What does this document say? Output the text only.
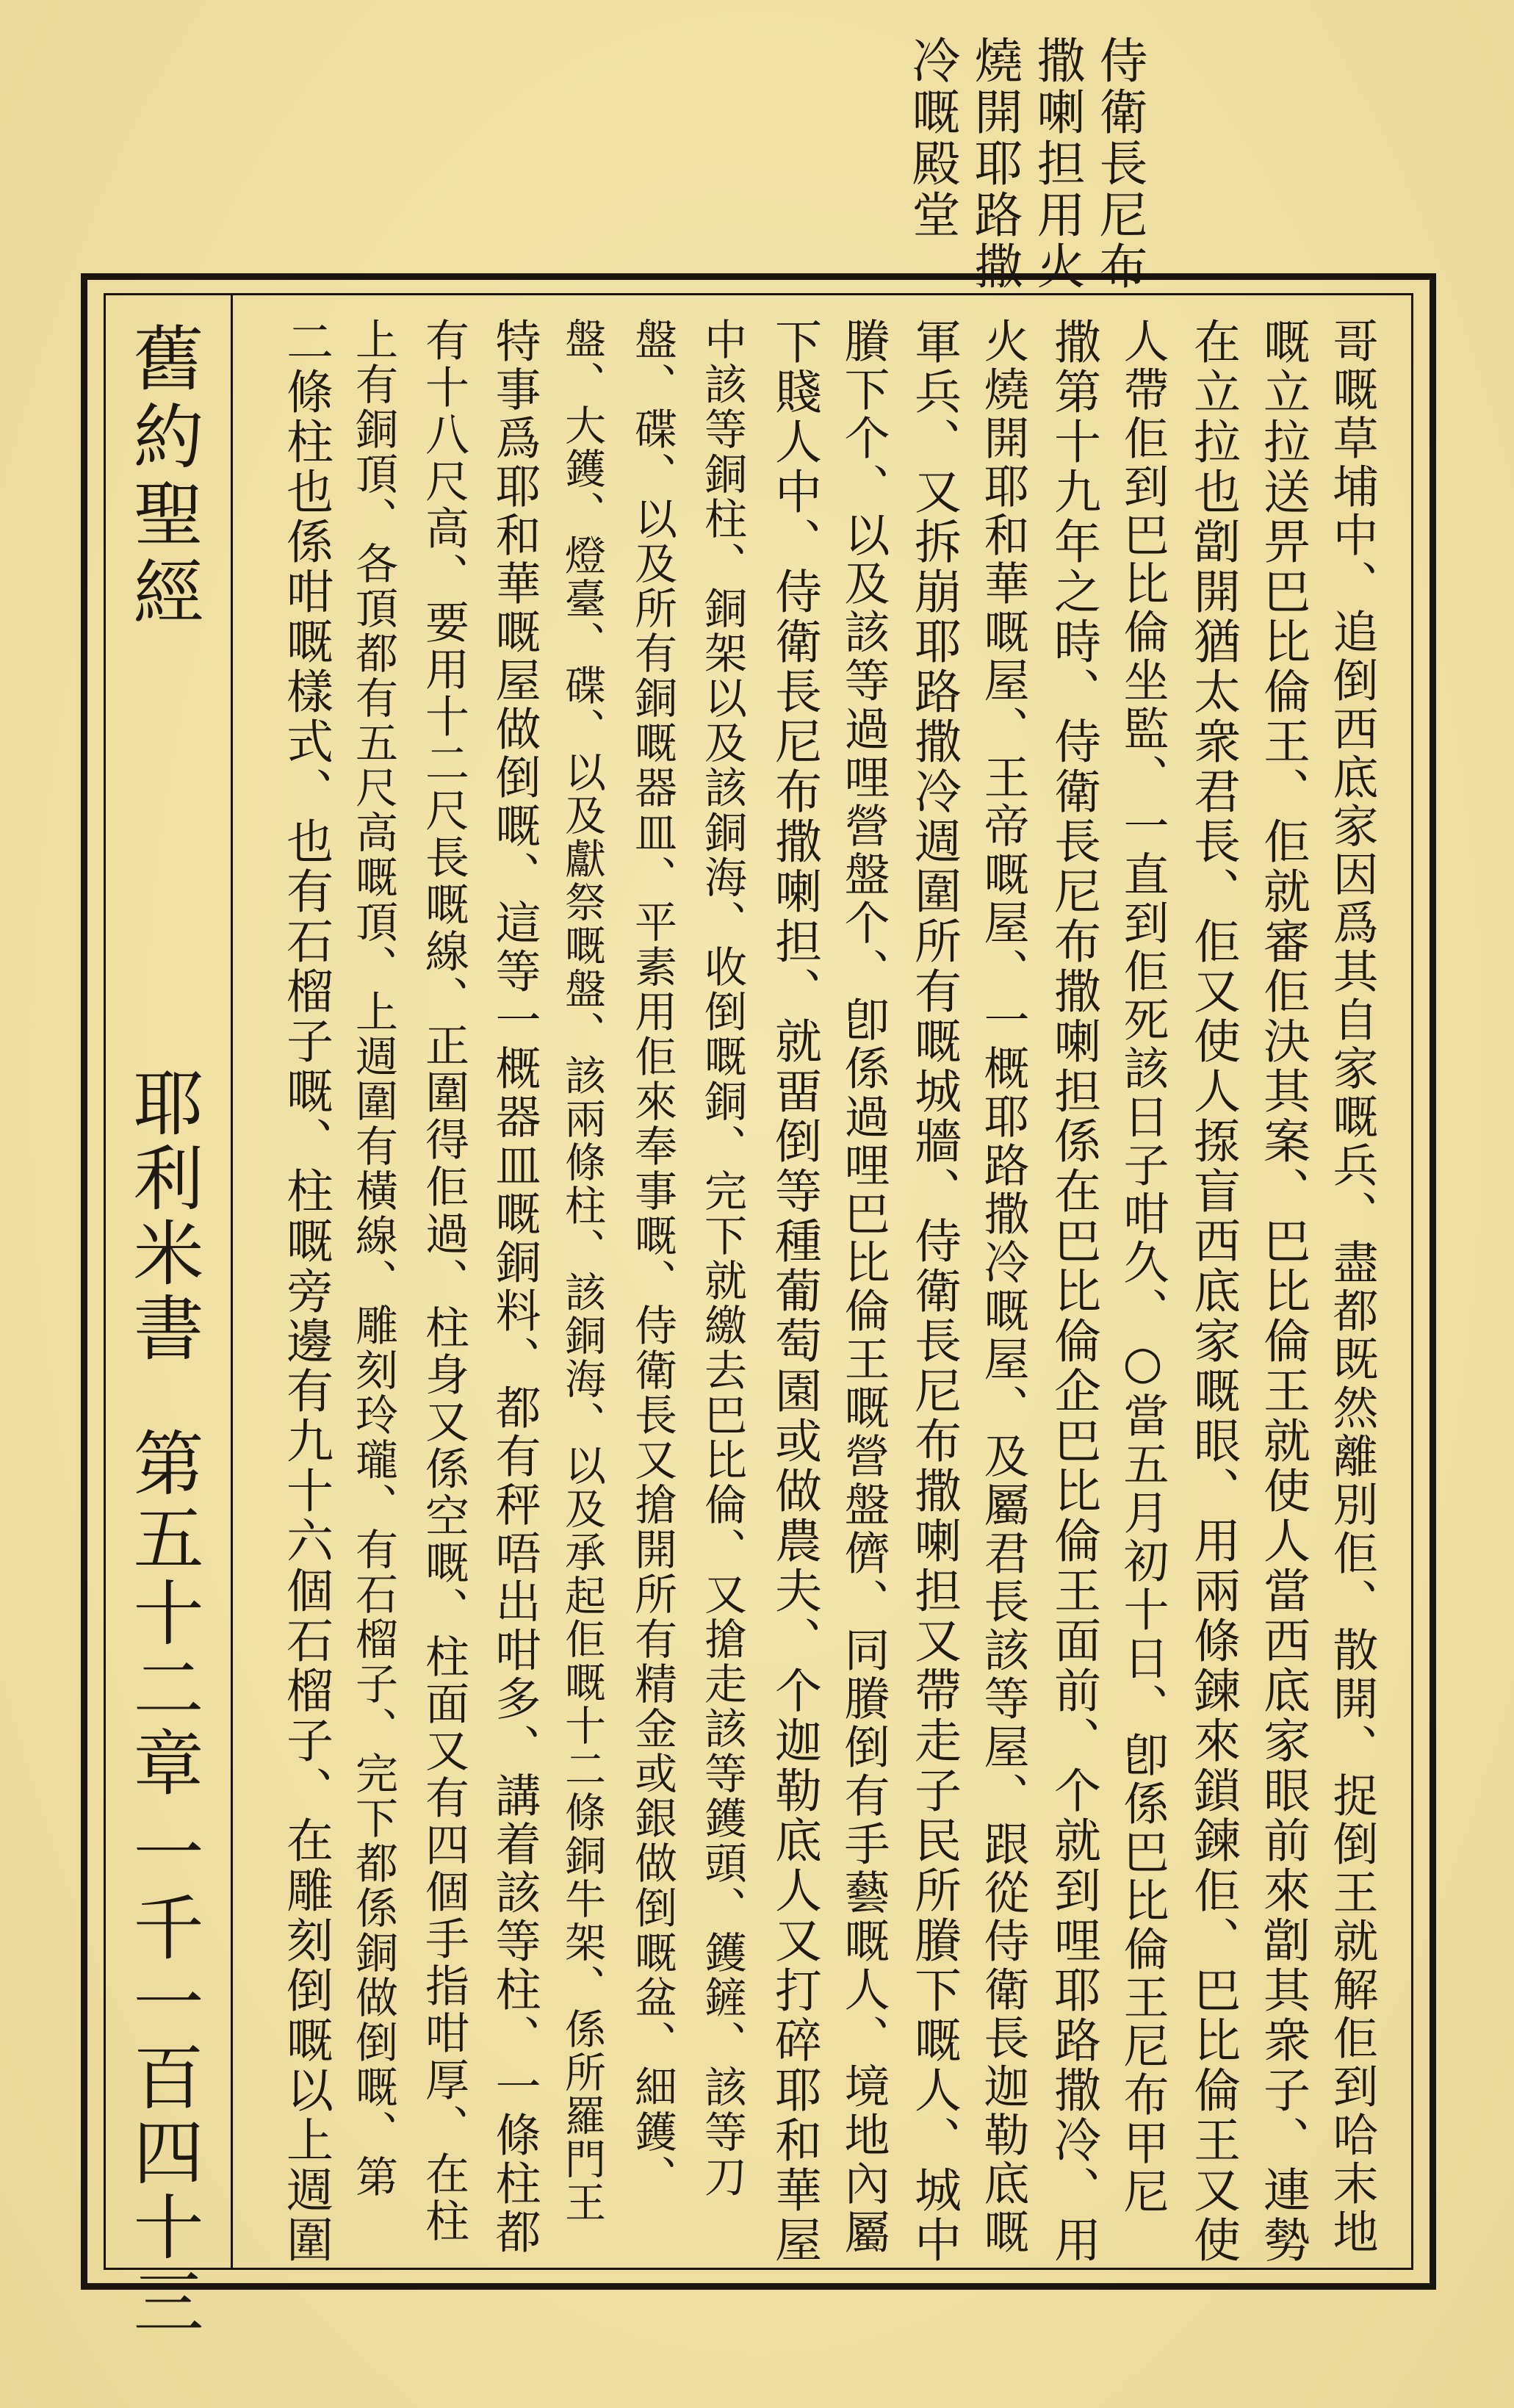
侍衛長尼布
撒喇担用火
燒開耶路撒
冷嘅殿堂
舊約聖經
耶利米書
第五十二章
一千一百四十三	哥嘅草埔中、追倒西底家因爲其自家嘅兵、盡都既然離別佢、散開、捉倒王就解佢到哈末地
嘅立拉送畀巴比倫王、佢就審佢決其案、巴比倫王就使人當西底家眼前來劏其衆子、連勢
在立拉也劏開猶太衆君長、佢又使人揼盲西底家嘅眼、用兩條鍊來鎖鍊佢、巴比倫王又使
人帶佢到巴比倫坐監、一直到佢死該日子咁久、○當五月初十日、卽係巴比倫王尼布甲尼
撒第十九年之時、侍衛長尼布撒喇担係在巴比倫企巴比倫王面前、个就到哩耶路撒冷、用
火燒開耶和華嘅屋、王帝嘅屋、一概耶路撒冷嘅屋、及屬君長該等屋、跟從侍衛長迦勒底嘅
軍兵、又拆崩耶路撒冷週圍所有嘅城牆、侍衛長尼布撒喇担又帶走子民所賸下嘅人、城中
賸下个、以及該等過哩營盤个、卽係過哩巴比倫王嘅營盤儕、同賸倒有手藝嘅人、境地內屬
下賤人中、侍衛長尼布撒喇担、就畱倒等種葡萄園或做農夫、个迦勒底人又打碎耶和華屋
中該等銅柱、銅架以及該銅海、收倒嘅銅、完下就繳去巴比倫、又搶走該等鑊頭、鑊鏟、該等刀
盤、碟、以及所有銅嘅器皿、平素用佢來奉事嘅、侍衛長又搶開所有精金或銀做倒嘅盆、細鑊、
盤、大鑊、燈臺、碟、以及獻祭嘅盤、該兩條柱、該銅海、以及承起佢嘅十二條銅牛架、係所羅門王
特事爲耶和華嘅屋做倒嘅、這等一概器皿嘅銅料、都有秤唔出咁多、講着該等柱、一條柱都
有十八尺高、要用十二尺長嘅線、正圍得佢過、柱身又係空嘅、柱面又有四個手指咁厚、在柱
上有銅頂、各頂都有五尺高嘅頂、上週圍有橫線、雕刻玲瓏、有石榴子、完下都係銅做倒嘅、第
二條柱也係咁嘅樣式、也有石榴子嘅、柱嘅旁邊有九十六個石榴子、在雕刻倒嘅以上週圍
